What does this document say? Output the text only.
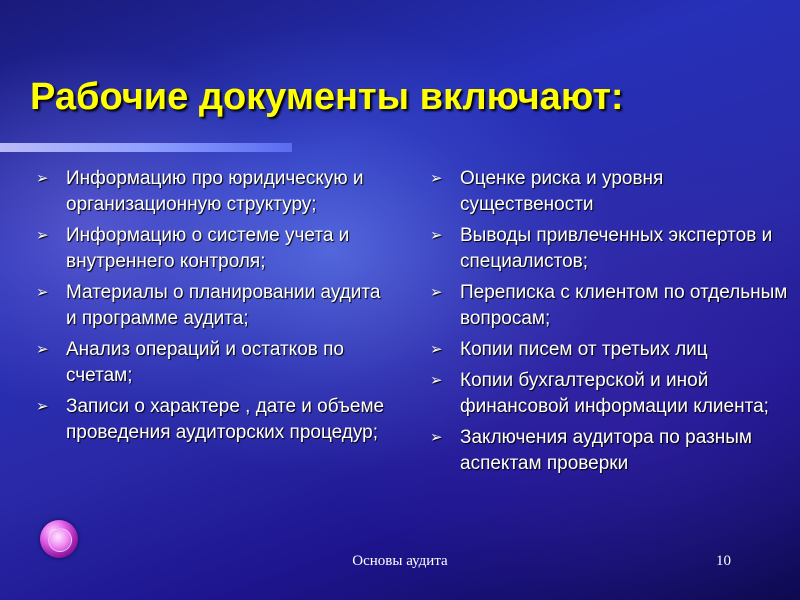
Рабочие документы включают:
➢ Информацию про юридическую и организационную структуру;
➢ Информацию о системе учета и внутреннего контроля;
➢ Материалы о планировании аудита и программе аудита;
➢ Анализ операций и остатков по счетам;
➢ Записи о характере , дате и объеме проведения аудиторских процедур;
➢ Оценке риска и уровня существености
➢ Выводы привлеченных экспертов и специалистов;
➢ Переписка с клиентом по отдельным вопросам;
➢ Копии писем от третьих лиц
➢ Копии бухгалтерской и иной финансовой информации клиента;
➢ Заключения аудитора по разным аспектам проверки
Основы аудита	10
